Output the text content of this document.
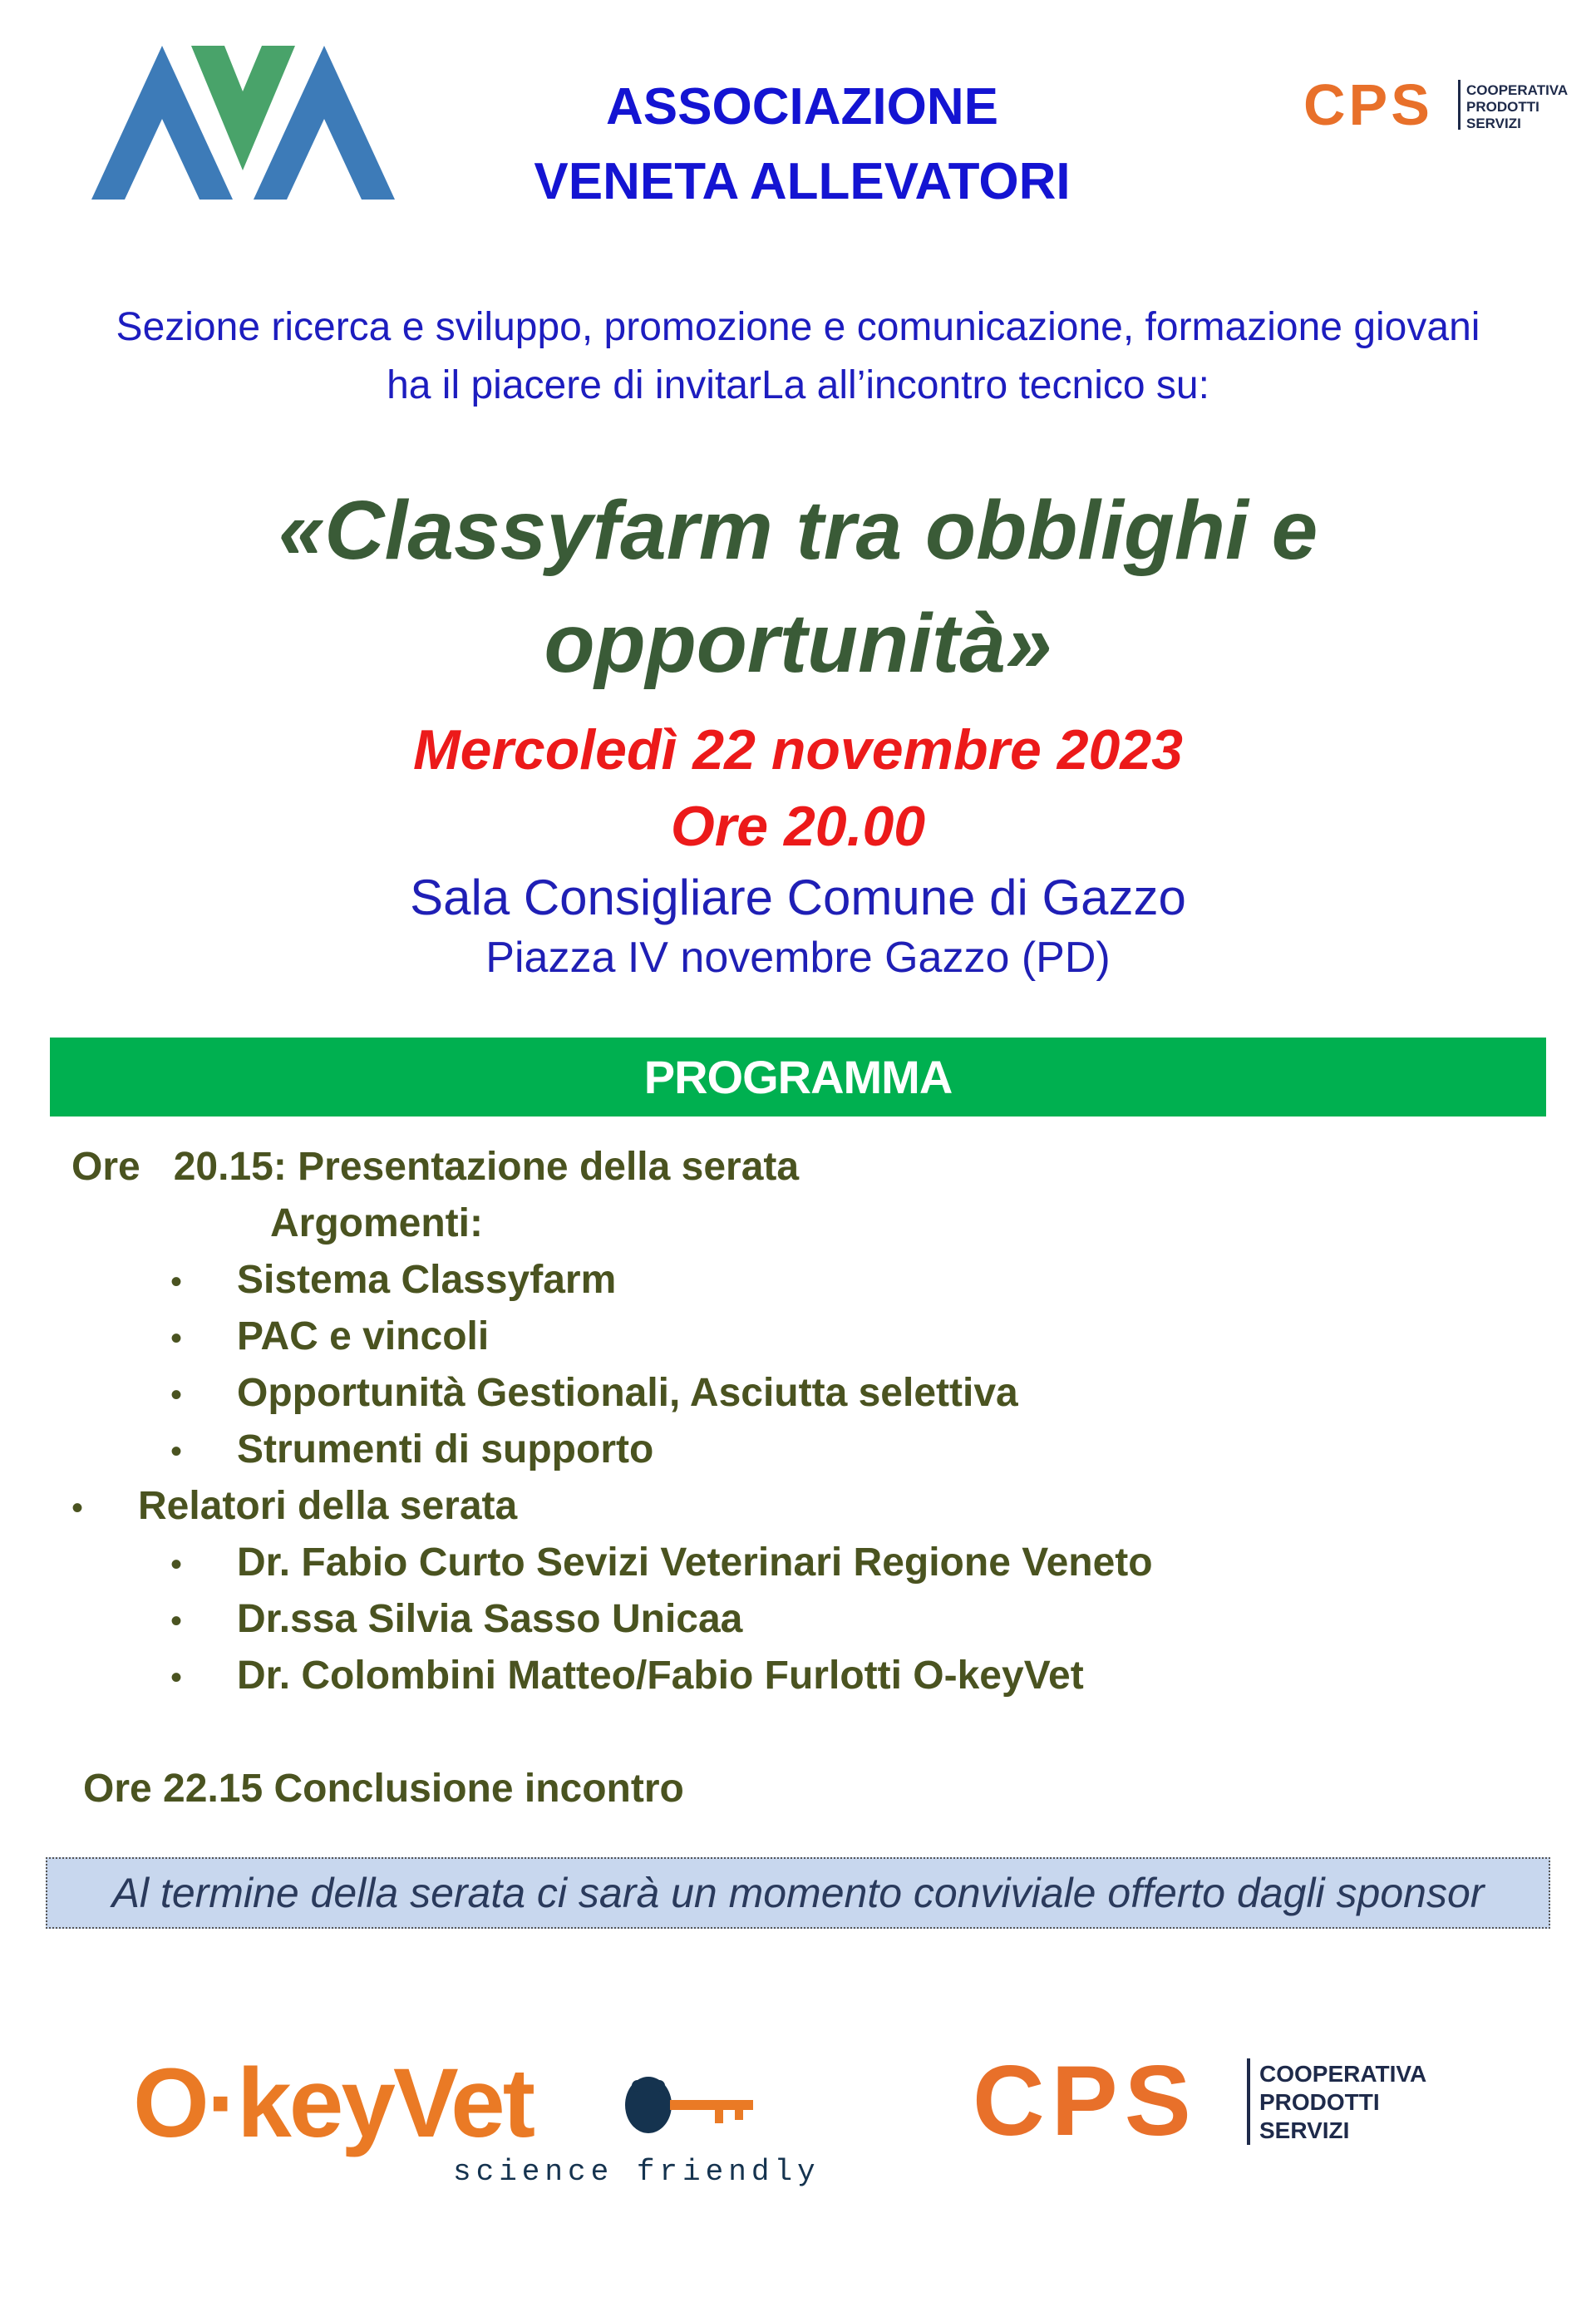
AVA
ASSOCIAZIONE
VENETA ALLEVATORI
CPS COOPERATIVA
PRODOTTI
SERVIZI
Sezione ricerca e sviluppo, promozione e comunicazione, formazione giovani
ha il piacere di invitarLa all’incontro tecnico su:
«Classyfarm tra obblighi e
opportunità»
Mercoledì 22 novembre 2023
Ore 20.00
Sala Consigliare Comune di Gazzo
Piazza IV novembre Gazzo (PD)
PROGRAMMA
Ore   20.15: Presentazione della serata
Argomenti:
• Sistema Classyfarm
• PAC e vincoli
• Opportunità Gestionali, Asciutta selettiva
• Strumenti di supporto
• Relatori della serata
• Dr. Fabio Curto Sevizi Veterinari Regione Veneto
• Dr.ssa Silvia Sasso Unicaa
• Dr. Colombini Matteo/Fabio Furlotti O-keyVet
Ore 22.15 Conclusione incontro
Al termine della serata ci sarà un momento conviviale offerto dagli sponsor
O·keyVet
science friendly
CPS	COOPERATIVA
PRODOTTI
SERVIZI
